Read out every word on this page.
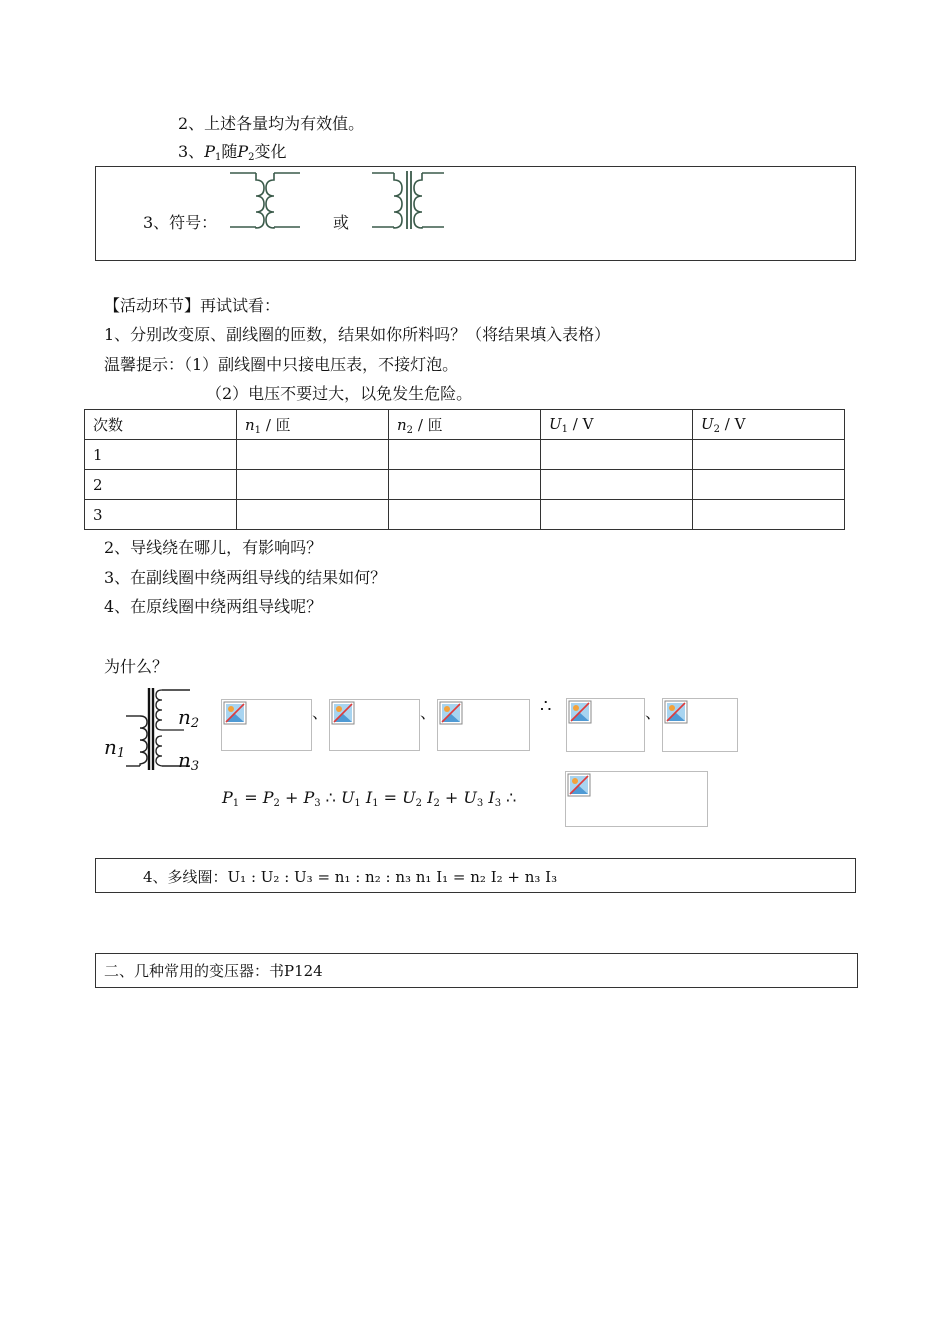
2、上述各量均为有效值。
3、$P_1$随$P_2$变化
3、符号：	或
【活动环节】再试试看：
1、分别改变原、副线圈的匝数，结果如你所料吗？（将结果填入表格）
温馨提示：（1）副线圈中只接电压表，不接灯泡。
（2）电压不要过大，以免发生危险。
次数	$n_1$ / 匝	$n_2$ / 匝	$U_1$ / V	$U_2$ / V
1				
2				
3				
2、导线绕在哪儿，有影响吗？
3、在副线圈中绕两组导线的结果如何？
4、在原线圈中绕两组导线呢？
为什么？
$n_1$
$n_2$
$n_3$
、	、	∴	、
$P_1 = P_2 + P_3$ ∴ $U_1$ $I_1 = U_2$ $I_2 + U_3$ $I_3$ ∴
4、多线圈：U₁ : U₂ : U₃ = n₁ : n₂ : n₃ n₁ I₁ = n₂ I₂ + n₃ I₃
二、几种常用的变压器：书P124
